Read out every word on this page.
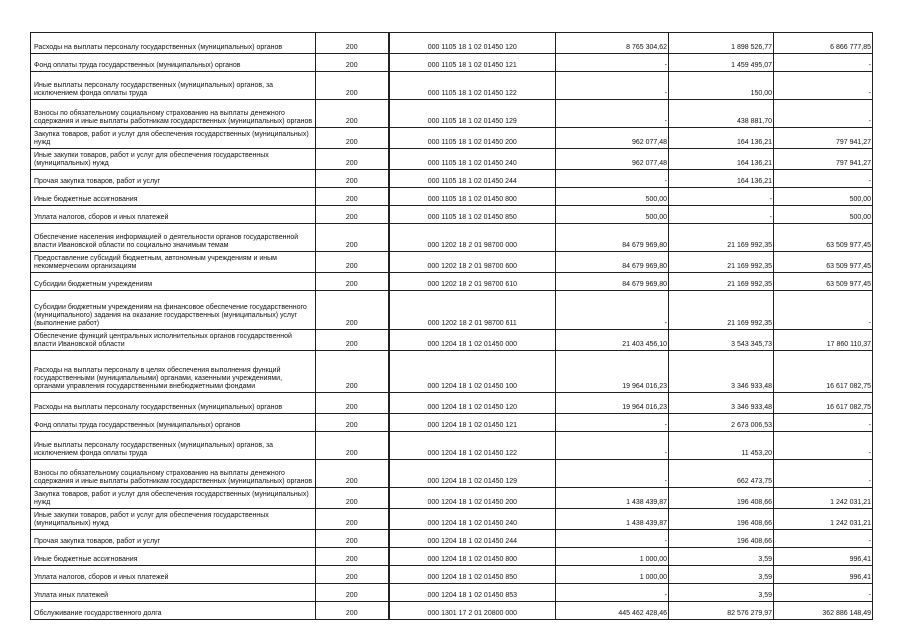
Расходы на выплаты персоналу государственных (муниципальных) органов	200	000 1105 18 1 02 01450 120	8 765 304,62	1 898 526,77	6 866 777,85
Фонд оплаты труда государственных (муниципальных) органов	200	000 1105 18 1 02 01450 121	-	1 459 495,07	-
Иные выплаты персоналу государственных (муниципальных) органов, за исключением фонда оплаты труда	200	000 1105 18 1 02 01450 122	-	150,00	-
Взносы по обязательному социальному страхованию на выплаты денежного содержания и иные выплаты работникам государственных (муниципальных) органов	200	000 1105 18 1 02 01450 129	-	438 881,70	-
Закупка товаров, работ и услуг для обеспечения государственных (муниципальных) нужд	200	000 1105 18 1 02 01450 200	962 077,48	164 136,21	797 941,27
Иные закупки товаров, работ и услуг для обеспечения государственных (муниципальных) нужд	200	000 1105 18 1 02 01450 240	962 077,48	164 136,21	797 941,27
Прочая закупка товаров, работ и услуг	200	000 1105 18 1 02 01450 244	-	164 136,21	-
Иные бюджетные ассигнования	200	000 1105 18 1 02 01450 800	500,00	-	500,00
Уплата налогов, сборов и иных платежей	200	000 1105 18 1 02 01450 850	500,00	-	500,00
Обеспечение населения информацией о деятельности органов государственной власти Ивановской области по социально значимым темам	200	000 1202 18 2 01 98700 000	84 679 969,80	21 169 992,35	63 509 977,45
Предоставление субсидий бюджетным, автономным учреждениям и иным некоммерческим организациям	200	000 1202 18 2 01 98700 600	84 679 969,80	21 169 992,35	63 509 977,45
Субсидии бюджетным учреждениям	200	000 1202 18 2 01 98700 610	84 679 969,80	21 169 992,35	63 509 977,45
Субсидии бюджетным учреждениям на финансовое обеспечение государственного (муниципального) задания на оказание государственных (муниципальных) услуг (выполнение работ)	200	000 1202 18 2 01 98700 611	-	21 169 992,35	-
Обеспечение функций центральных исполнительных органов государственной власти Ивановской области	200	000 1204 18 1 02 01450 000	21 403 456,10	3 543 345,73	17 860 110,37
Расходы на выплаты персоналу в целях обеспечения выполнения функций государственными (муниципальными) органами, казенными учреждениями, органами управления государственными внебюджетными фондами	200	000 1204 18 1 02 01450 100	19 964 016,23	3 346 933,48	16 617 082,75
Расходы на выплаты персоналу государственных (муниципальных) органов	200	000 1204 18 1 02 01450 120	19 964 016,23	3 346 933,48	16 617 082,75
Фонд оплаты труда государственных (муниципальных) органов	200	000 1204 18 1 02 01450 121	-	2 673 006,53	-
Иные выплаты персоналу государственных (муниципальных) органов, за исключением фонда оплаты труда	200	000 1204 18 1 02 01450 122	-	11 453,20	-
Взносы по обязательному социальному страхованию на выплаты денежного содержания и иные выплаты работникам государственных (муниципальных) органов	200	000 1204 18 1 02 01450 129	-	662 473,75	-
Закупка товаров, работ и услуг для обеспечения государственных (муниципальных) нужд	200	000 1204 18 1 02 01450 200	1 438 439,87	196 408,66	1 242 031,21
Иные закупки товаров, работ и услуг для обеспечения государственных (муниципальных) нужд	200	000 1204 18 1 02 01450 240	1 438 439,87	196 408,66	1 242 031,21
Прочая закупка товаров, работ и услуг	200	000 1204 18 1 02 01450 244	-	196 408,66	-
Иные бюджетные ассигнования	200	000 1204 18 1 02 01450 800	1 000,00	3,59	996,41
Уплата налогов, сборов и иных платежей	200	000 1204 18 1 02 01450 850	1 000,00	3,59	996,41
Уплата иных платежей	200	000 1204 18 1 02 01450 853	-	3,59	-
Обслуживание государственного долга	200	000 1301 17 2 01 20800 000	445 462 428,46	82 576 279,97	362 886 148,49
